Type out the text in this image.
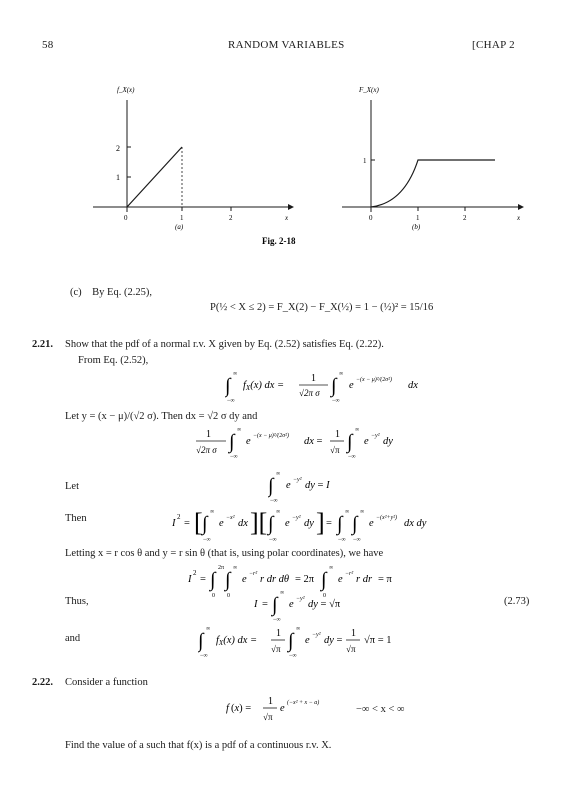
58	RANDOM VARIABLES	[CHAP 2
f_X(x)
2
1
0	1	2	x
(a)
F_X(x)
1
0	1	2	x
(b)
Fig. 2-18
(c) By Eq. (2.25),
P(½ < X ≤ 2) = F_X(2) − F_X(½) = 1 − (½)² = 15/16
2.21. Show that the pdf of a normal r.v. X given by Eq. (2.52) satisfies Eq. (2.22).
From Eq. (2.52),
∫
∞
−∞
fX(x) dx =
1
√2π σ ∫
∞
−∞
e −(x − μ)²/(2σ²) dx
Let y = (x − μ)/(√2 σ). Then dx = √2 σ dy and
1
√2π σ ∫
∞
−∞
e −(x − μ)²/(2σ²) dx =
1
√π ∫
∞
−∞
e −y² dy
Let	∫
∞
−∞
e −y² dy = I
Then	I
2
= [ ∫
∞
−∞
e −x² dx ][ ∫
∞
−∞
e −y² dy ] = ∫
∞
−∞
∫
∞
−∞
e −(x²+y²) dx dy
Letting x = r cos θ and y = r sin θ (that is, using polar coordinates), we have
I
2
= ∫
2π
0
∫
∞
0
e −r² r dr dθ = 2π ∫
∞
0
e −r² r dr = π
Thus,	I = ∫
∞
−∞
e −y² dy = √π	(2.73)
and	∫
∞
−∞
fX(x) dx =
1
√π ∫
∞
−∞
e −y² dy =
1
√π
√π = 1
2.22. Consider a function
f (x) =
1
√π
e (−x² + x − a)
−∞ < x < ∞
Find the value of a such that f(x) is a pdf of a continuous r.v. X.
